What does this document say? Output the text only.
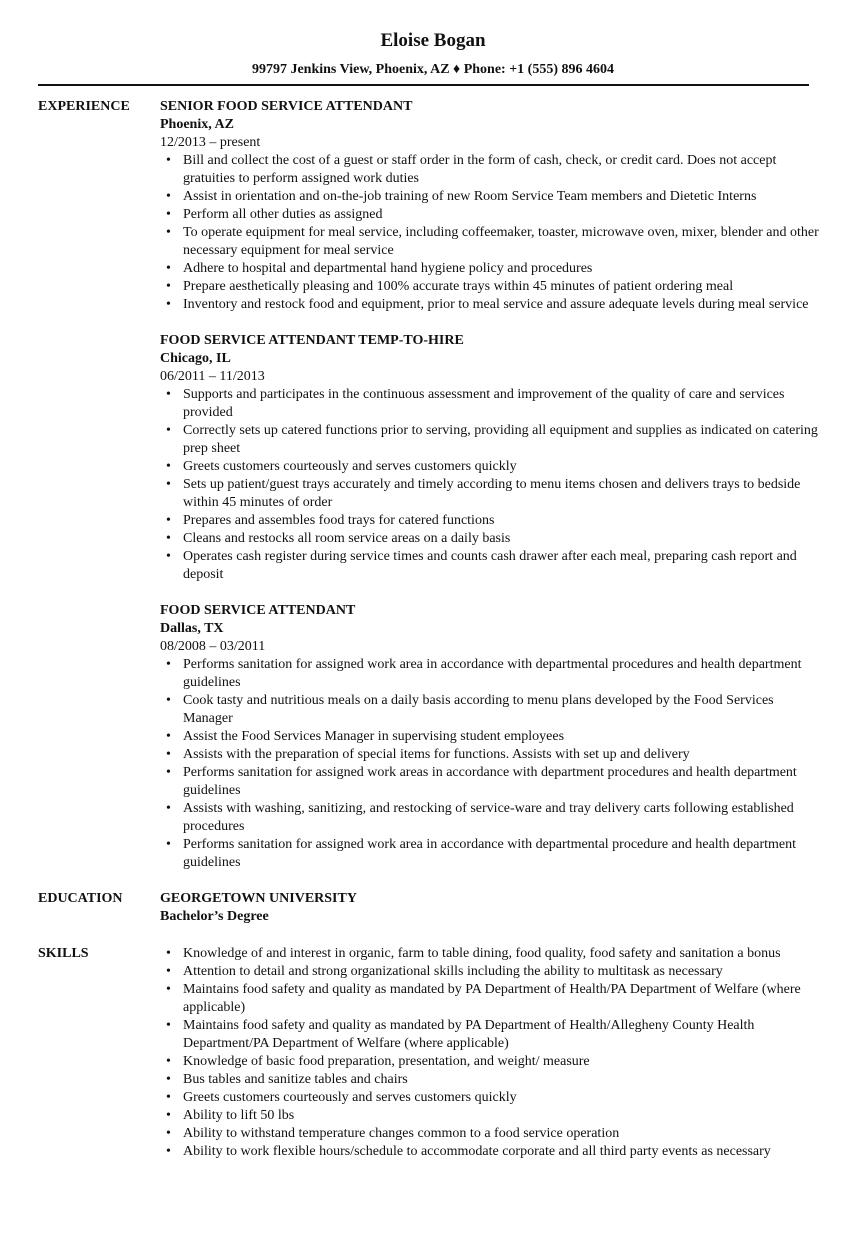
Eloise Bogan
99797 Jenkins View, Phoenix, AZ ♦ Phone: +1 (555) 896 4604
EXPERIENCE SENIOR FOOD SERVICE ATTENDANT
Phoenix, AZ
12/2013 – present
• Bill and collect the cost of a guest or staff order in the form of cash, check, or credit card. Does not accept gratuities to perform assigned work duties
• Assist in orientation and on-the-job training of new Room Service Team members and Dietetic Interns
• Perform all other duties as assigned
• To operate equipment for meal service, including coffeemaker, toaster, microwave oven, mixer, blender and other necessary equipment for meal service
• Adhere to hospital and departmental hand hygiene policy and procedures
• Prepare aesthetically pleasing and 100% accurate trays within 45 minutes of patient ordering meal
• Inventory and restock food and equipment, prior to meal service and assure adequate levels during meal service
FOOD SERVICE ATTENDANT TEMP-TO-HIRE
Chicago, IL
06/2011 – 11/2013
• Supports and participates in the continuous assessment and improvement of the quality of care and services provided
• Correctly sets up catered functions prior to serving, providing all equipment and supplies as indicated on catering prep sheet
• Greets customers courteously and serves customers quickly
• Sets up patient/guest trays accurately and timely according to menu items chosen and delivers trays to bedside within 45 minutes of order
• Prepares and assembles food trays for catered functions
• Cleans and restocks all room service areas on a daily basis
• Operates cash register during service times and counts cash drawer after each meal, preparing cash report and deposit
FOOD SERVICE ATTENDANT
Dallas, TX
08/2008 – 03/2011
• Performs sanitation for assigned work area in accordance with departmental procedures and health department guidelines
• Cook tasty and nutritious meals on a daily basis according to menu plans developed by the Food Services Manager
• Assist the Food Services Manager in supervising student employees
• Assists with the preparation of special items for functions. Assists with set up and delivery
• Performs sanitation for assigned work areas in accordance with department procedures and health department guidelines
• Assists with washing, sanitizing, and restocking of service-ware and tray delivery carts following established procedures
• Performs sanitation for assigned work area in accordance with departmental procedure and health department guidelines
EDUCATION	GEORGETOWN UNIVERSITY
Bachelor’s Degree
SKILLS
•	Knowledge of and interest in organic, farm to table dining, food quality, food safety and sanitation a bonus
• Attention to detail and strong organizational skills including the ability to multitask as necessary
• Maintains food safety and quality as mandated by PA Department of Health/PA Department of Welfare (where applicable)
• Maintains food safety and quality as mandated by PA Department of Health/Allegheny County Health Department/PA Department of Welfare (where applicable)
• Knowledge of basic food preparation, presentation, and weight/ measure
• Bus tables and sanitize tables and chairs
• Greets customers courteously and serves customers quickly
• Ability to lift 50 lbs
• Ability to withstand temperature changes common to a food service operation
• Ability to work flexible hours/schedule to accommodate corporate and all third party events as necessary
